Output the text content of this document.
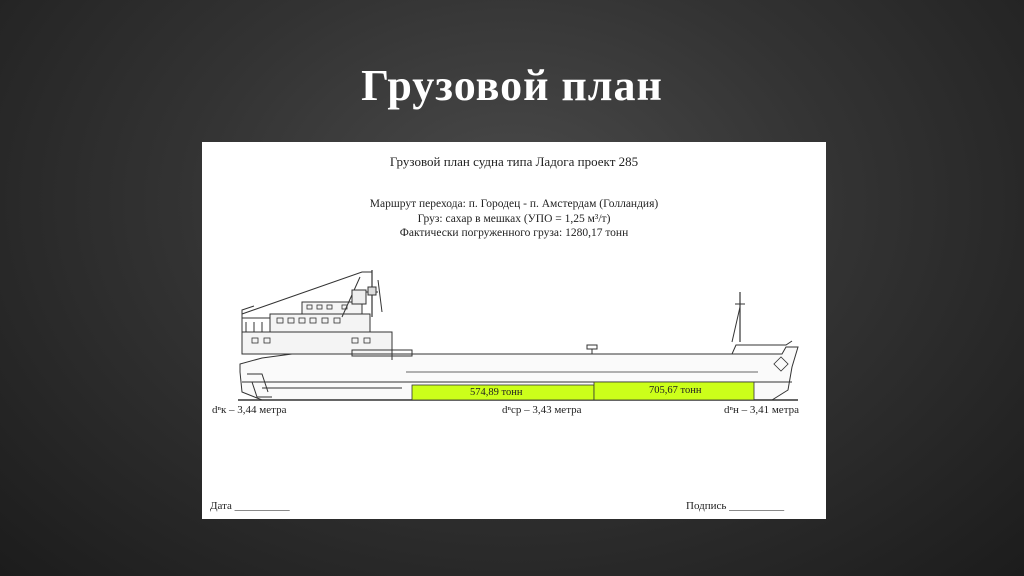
Грузовой план
Грузовой план судна типа Ладога проект 285
Маршрут перехода: п. Городец - п. Амстердам (Голландия)
Груз: сахар в мешках (УПО = 1,25 м³/т)
Фактически погруженного груза: 1280,17 тонн
574,89 тонн	705,67 тонн
dⁿк – 3,44 метра	dⁿср – 3,43 метра	dⁿн – 3,41 метра
Дата __________	Подпись __________
